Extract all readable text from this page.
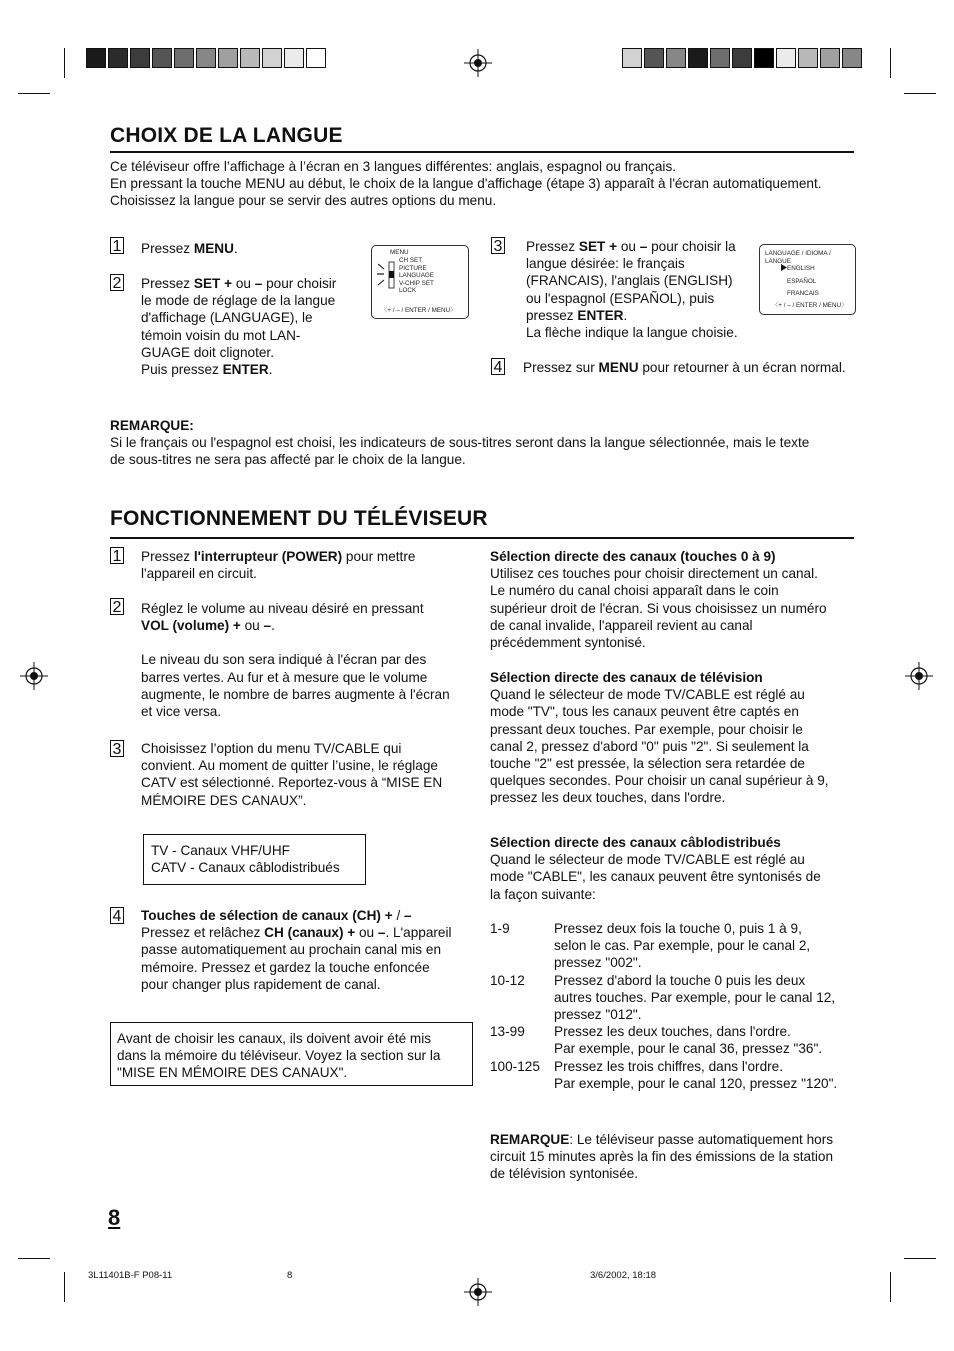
CHOIX DE LA LANGUE
Ce téléviseur offre l’affichage à l’écran en 3 langues différentes: anglais, espagnol ou français.
En pressant la touche MENU au début, le choix de la langue d'affichage (étape 3) apparaît à l'écran automatiquement.
Choisissez la langue pour se servir des autres options du menu.
1 Pressez MENU.
2 Pressez SET + ou – pour choisir
le mode de réglage de la langue
d'affichage (LANGUAGE), le
témoin voisin du mot LAN-
GUAGE doit clignoter.
Puis pressez ENTER.
MENU
CH SET
PICTURE
LANGUAGE
V-CHIP SET
LOCK
〈+ / – / ENTER / MENU〉
3 Pressez SET + ou – pour choisir la
langue désirée: le français
(FRANCAIS), l'anglais (ENGLISH)
ou l'espagnol (ESPAÑOL), puis
pressez ENTER.
La flèche indique la langue choisie.
LANGUAGE / IDIOMA / LANGUE
ENGLISH
ESPAÑOL
FRANCAIS
〈+ / – / ENTER / MENU〉
4 Pressez sur MENU pour retourner à un écran normal.
REMARQUE:
Si le français ou l'espagnol est choisi, les indicateurs de sous-titres seront dans la langue sélectionnée, mais le texte
de sous-titres ne sera pas affecté par le choix de la langue.
FONCTIONNEMENT DU TÉLÉVISEUR
1 Pressez l'interrupteur (POWER) pour mettre
l'appareil en circuit.
2 Réglez le volume au niveau désiré en pressant
VOL (volume) + ou –.
Le niveau du son sera indiqué à l'écran par des
barres vertes. Au fur et à mesure que le volume
augmente, le nombre de barres augmente à l'écran
et vice versa.
3 Choisissez l’option du menu TV/CABLE qui
convient. Au moment de quitter l’usine, le réglage
CATV est sélectionné. Reportez-vous à “MISE EN
MÉMOIRE DES CANAUX”.
TV - Canaux VHF/UHF
CATV - Canaux câblodistribués
4 Touches de sélection de canaux (CH) + / –
Pressez et relâchez CH (canaux) + ou –. L'appareil
passe automatiquement au prochain canal mis en
mémoire. Pressez et gardez la touche enfoncée
pour changer plus rapidement de canal.
Avant de choisir les canaux, ils doivent avoir été mis
dans la mémoire du téléviseur. Voyez la section sur la
"MISE EN MÉMOIRE DES CANAUX".
Sélection directe des canaux (touches 0 à 9)
Utilisez ces touches pour choisir directement un canal.
Le numéro du canal choisi apparaît dans le coin
supérieur droit de l'écran. Si vous choisissez un numéro
de canal invalide, l'appareil revient au canal
précédemment syntonisé.
Sélection directe des canaux de télévision
Quand le sélecteur de mode TV/CABLE est réglé au
mode "TV", tous les canaux peuvent être captés en
pressant deux touches. Par exemple, pour choisir le
canal 2, pressez d'abord "0" puis "2". Si seulement la
touche "2" est pressée, la sélection sera retardée de
quelques secondes. Pour choisir un canal supérieur à 9,
pressez les deux touches, dans l'ordre.
Sélection directe des canaux câblodistribués
Quand le sélecteur de mode TV/CABLE est réglé au
mode "CABLE", les canaux peuvent être syntonisés de
la façon suivante:
1-9	Pressez deux fois la touche 0, puis 1 à 9,
selon le cas. Par exemple, pour le canal 2,
pressez "002".
10-12	Pressez d'abord la touche 0 puis les deux
autres touches. Par exemple, pour le canal 12,
pressez "012".
13-99	Pressez les deux touches, dans l'ordre.
Par exemple, pour le canal 36, pressez "36".
100-125	Pressez les trois chiffres, dans l'ordre.
Par exemple, pour le canal 120, pressez "120".
REMARQUE: Le téléviseur passe automatiquement hors
circuit 15 minutes après la fin des émissions de la station
de télévision syntonisée.
8
3L11401B-F P08-11	8	3/6/2002, 18:18
